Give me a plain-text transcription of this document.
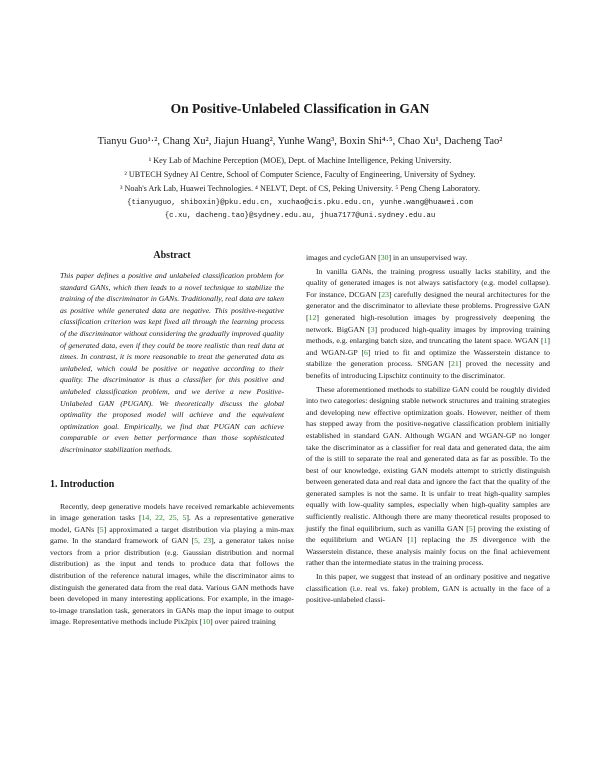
On Positive-Unlabeled Classification in GAN

Tianyu Guo¹·², Chang Xu², Jiajun Huang², Yunhe Wang³, Boxin Shi⁴·⁵, Chao Xu¹, Dacheng Tao²

¹ Key Lab of Machine Perception (MOE), Dept. of Machine Intelligence, Peking University.

² UBTECH Sydney AI Centre, School of Computer Science, Faculty of Engineering, University of Sydney.

³ Noah's Ark Lab, Huawei Technologies. ⁴ NELVT, Dept. of CS, Peking University. ⁵ Peng Cheng Laboratory.

{tianyuguo, shiboxin}@pku.edu.cn, xuchao@cis.pku.edu.cn, yunhe.wang@huawei.com

{c.xu, dacheng.tao}@sydney.edu.au, jhua7177@uni.sydney.edu.au

Abstract

This paper defines a positive and unlabeled classification problem for standard GANs, which then leads to a novel technique to stabilize the training of the discriminator in GANs. Traditionally, real data are taken as positive while generated data are negative. This positive-negative classification criterion was kept fixed all through the learning process of the discriminator without considering the gradually improved quality of generated data, even if they could be more realistic than real data at times. In contrast, it is more reasonable to treat the generated data as unlabeled, which could be positive or negative according to their quality. The discriminator is thus a classifier for this positive and unlabeled classification problem, and we derive a new Positive-Unlabeled GAN (PUGAN). We theoretically discuss the global optimality the proposed model will achieve and the equivalent optimization goal. Empirically, we find that PUGAN can achieve comparable or even better performance than those sophisticated discriminator stabilization methods.

1. Introduction

Recently, deep generative models have received remarkable achievements in image generation tasks [14, 22, 25, 5]. As a representative generative model, GANs [5] approximated a target distribution via playing a min-max game. In the standard framework of GAN [5, 23], a generator takes noise vectors from a prior distribution (e.g. Gaussian distribution and normal distribution) as the input and tends to produce data that follows the distribution of the reference natural images, while the discriminator aims to distinguish the generated data from the real data. Various GAN methods have been developed in many interesting applications. For example, in the image-to-image translation task, generators in GANs map the input image to output image. Representative methods include Pix2pix [10] over paired training

images and cycleGAN [30] in an unsupervised way.

In vanilla GANs, the training progress usually lacks stability, and the quality of generated images is not always satisfactory (e.g. model collapse). For instance, DCGAN [23] carefully designed the neural architectures for the generator and the discriminator to alleviate these problems. Progressive GAN [12] generated high-resolution images by progressively deepening the network. BigGAN [3] produced high-quality images by improving training methods, e.g. enlarging batch size, and truncating the latent space. WGAN [1] and WGAN-GP [6] tried to fit and optimize the Wasserstein distance to stabilize the generation process. SNGAN [21] proved the necessity and benefits of introducing Lipschitz continuity to the discriminator.

These aforementioned methods to stabilize GAN could be roughly divided into two categories: designing stable network structures and training strategies and developing new effective optimization goals. However, neither of them has stepped away from the positive-negative classification problem initially established in standard GAN. Although WGAN and WGAN-GP no longer take the discriminator as a classifier for real data and generated data, the aim of the is still to separate the real and generated data as far as possible. To the best of our knowledge, existing GAN models attempt to strictly distinguish between generated data and real data and ignore the fact that the quality of the generated samples is not the same. It is unfair to treat high-quality samples equally with low-quality samples, especially when high-quality samples are sufficiently realistic. Although there are many theoretical results proposed to justify the final equilibrium, such as vanilla GAN [5] proving the existing of the equilibrium and WGAN [1] replacing the JS divergence with the Wasserstein distance, these analysis mainly focus on the final achievement rather than the intermediate status in the training process.

In this paper, we suggest that instead of an ordinary positive and negative classification (i.e. real vs. fake) problem, GAN is actually in the face of a positive-unlabeled classi-
